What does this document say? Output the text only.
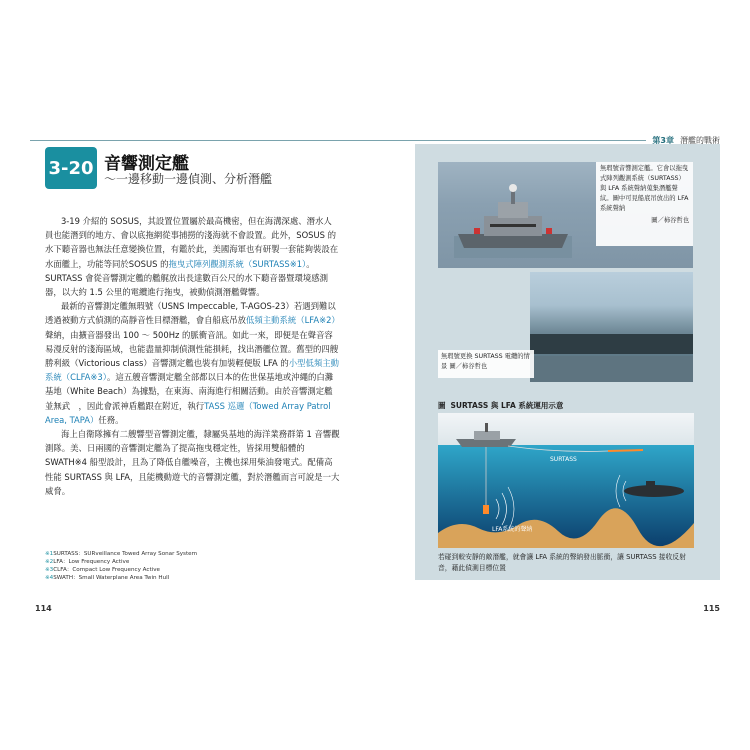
第3章 潛艦的戰術
3-20 音響測定艦
〜一邊移動一邊偵測、分析潛艦

3-19 介紹的 SOSUS，其設置位置屬於最高機密，但在海溝深處、潛水人員也能潛到的地方、會以底拖網從事捕撈的淺海就不會設置。此外，SOSUS 的水下聽音器也無法任意變換位置，有鑑於此，美國海軍也有研製一套能夠裝設在水面艦上，功能等同於SOSUS 的拖曳式陣列觀測系統（SURTASS※1）。SURTASS 會從音響測定艦的艦艉放出長達數百公尺的水下聽音器暨環境感測器，以大約 1.5 公里的電纜進行拖曳，被動偵測潛艦聲響。

最新的音響測定艦無瑕號（USNS Impeccable, T-AGOS-23）若遇到難以透過被動方式偵測的高靜音性目標潛艦，會自船底吊放低頻主動系統（LFA※2）聲納，由擴音器發出 100 ～ 500Hz 的脈衝音訊。如此一來，即便是在聲音容易漫反射的淺海區域，也能盡量抑制偵測性能損耗，找出潛艦位置。舊型的四艘勝利級（Victorious class）音響測定艦也裝有加裝輕便版 LFA 的小型低頻主動系統（CLFA※3）。這五艘音響測定艦全部都以日本的佐世保基地或沖繩的白灘基地（White Beach）為據點，在東海、南海進行相關活動。由於音響測定艦並無武　，因此會派神盾艦跟在附近，執行TASS 巡邏（Towed Array Patrol Area, TAPA）任務。

海上自衛隊擁有二艘響型音響測定艦，隸屬吳基地的海洋業務群第 1 音響觀測隊。美、日兩國的音響測定艦為了提高拖曳穩定性，皆採用雙船體的 SWATH※4 船型設計，且為了降低自艦噪音，主機也採用柴油發電式。配備高性能 SURTASS 與 LFA，且能機動遊弋的音響測定艦，對於潛艦而言可說是一大威脅。

※1SURTASS：SURveillance Towed Array Sonar System
※2LFA：Low Frequency Active
※3CLFA：Compact Low Frequency Active
※4SWATH：Small Waterplane Area Twin Hull
114	115
無瑕號音響測定艦。它會以拖曳式陣列觀測系統（SURTASS）與 LFA 系統聲納蒐集潛艦聲紋。圖中可見船底吊放出的 LFA 系統聲納
圖／柿谷哲也
無瑕號更換 SURTASS 電纜的情景 圖／柿谷哲也
圖 SURTASS 與 LFA 系統運用示意
SURTASS
LFA系統的聲納
若碰到較安靜的敵潛艦，就會讓 LFA 系統的聲納發出脈衝，讓 SURTASS 接收反射音，藉此偵測目標位置
